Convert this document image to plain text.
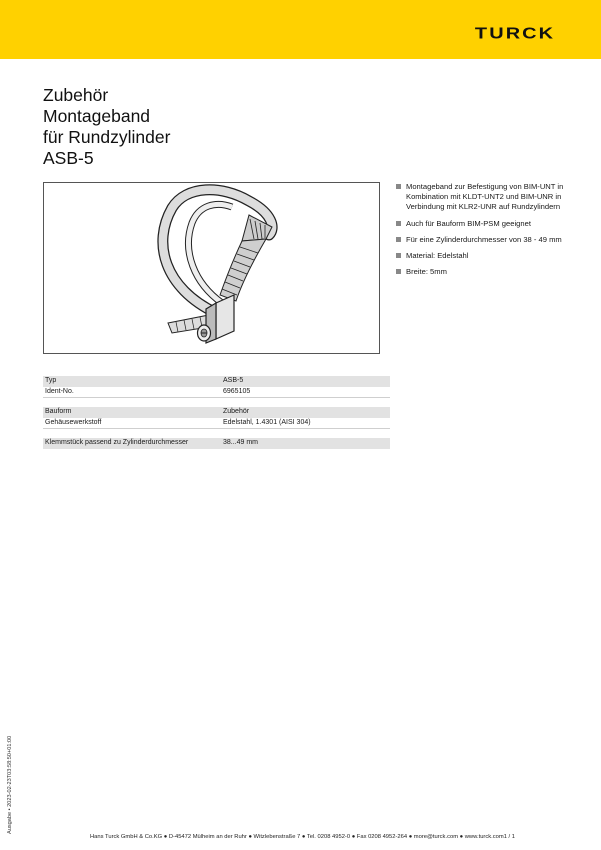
TURCK
Zubehör
Montageband
für Rundzylinder
ASB-5
Montageband zur Befestigung von BIM-UNT in Kombination mit KLDT-UNT2 und BIM-UNR in Verbindung mit KLR2-UNR auf Rundzylindern
Auch für Bauform BIM-PSM geeignet
Für eine Zylinderdurchmesser von 38 - 49 mm
Material: Edelstahl
Breite: 5mm
Typ	ASB-5
Ident-No.	6965105

Bauform	Zubehör
Gehäusewerkstoff	Edelstahl, 1.4301 (AISI 304)

Klemmstück passend zu Zylinderdurchmesser	38...49 mm
Ausgabe • 2023-02-23T03:58:50+01:00
Hans Turck GmbH & Co.KG ● D-45472 Mülheim an der Ruhr ● Witzlebenstraße 7 ● Tel. 0208 4952-0 ● Fax 0208 4952-264 ● more@turck.com ● www.turck.com1 / 1
